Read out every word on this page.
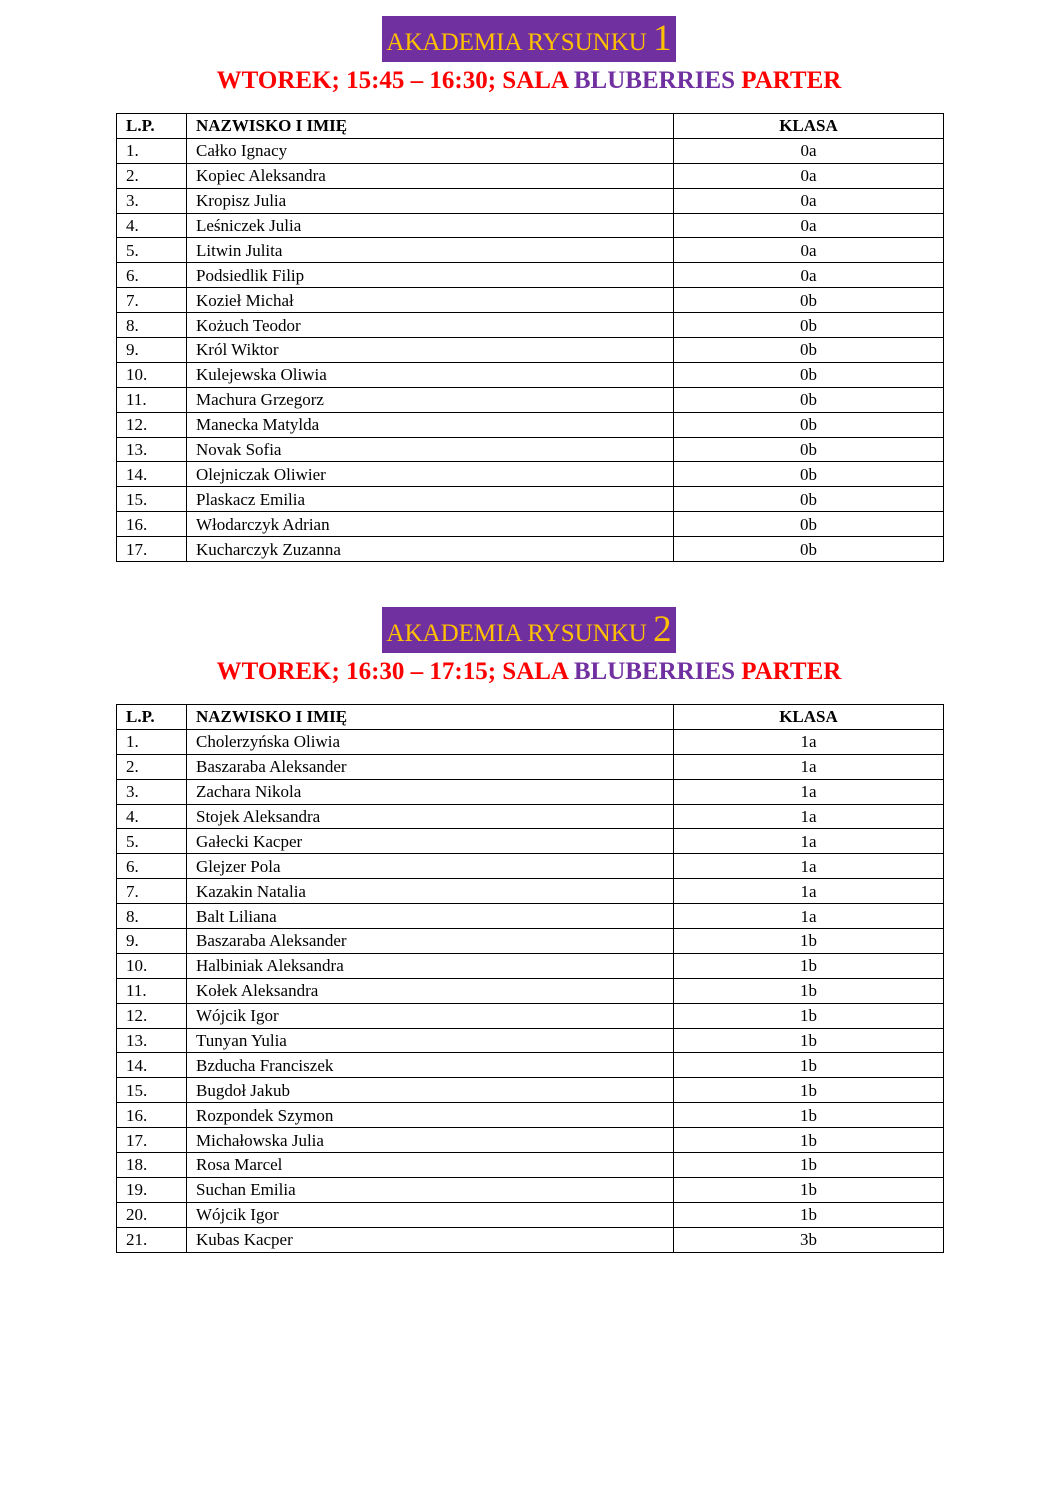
AKADEMIA RYSUNKU 1
WTOREK; 15:45 – 16:30; SALA BLUBERRIES PARTER
L.P.	NAZWISKO I IMIĘ	KLASA
1.	Całko Ignacy	0a
2.	Kopiec Aleksandra	0a
3.	Kropisz Julia	0a
4.	Leśniczek Julia	0a
5.	Litwin Julita	0a
6.	Podsiedlik Filip	0a
7.	Kozieł Michał	0b
8.	Kożuch Teodor	0b
9.	Król Wiktor	0b
10.	Kulejewska Oliwia	0b
11.	Machura Grzegorz	0b
12.	Manecka Matylda	0b
13.	Novak Sofia	0b
14.	Olejniczak Oliwier	0b
15.	Plaskacz Emilia	0b
16.	Włodarczyk Adrian	0b
17.	Kucharczyk Zuzanna	0b
AKADEMIA RYSUNKU 2
WTOREK; 16:30 – 17:15; SALA BLUBERRIES PARTER
L.P.	NAZWISKO I IMIĘ	KLASA
1.	Cholerzyńska Oliwia	1a
2.	Baszaraba Aleksander	1a
3.	Zachara Nikola	1a
4.	Stojek Aleksandra	1a
5.	Gałecki Kacper	1a
6.	Glejzer Pola	1a
7.	Kazakin Natalia	1a
8.	Balt Liliana	1a
9.	Baszaraba Aleksander	1b
10.	Halbiniak Aleksandra	1b
11.	Kołek Aleksandra	1b
12.	Wójcik Igor	1b
13.	Tunyan Yulia	1b
14.	Bzducha Franciszek	1b
15.	Bugdoł Jakub	1b
16.	Rozpondek Szymon	1b
17.	Michałowska Julia	1b
18.	Rosa Marcel	1b
19.	Suchan Emilia	1b
20.	Wójcik Igor	1b
21.	Kubas Kacper	3b
